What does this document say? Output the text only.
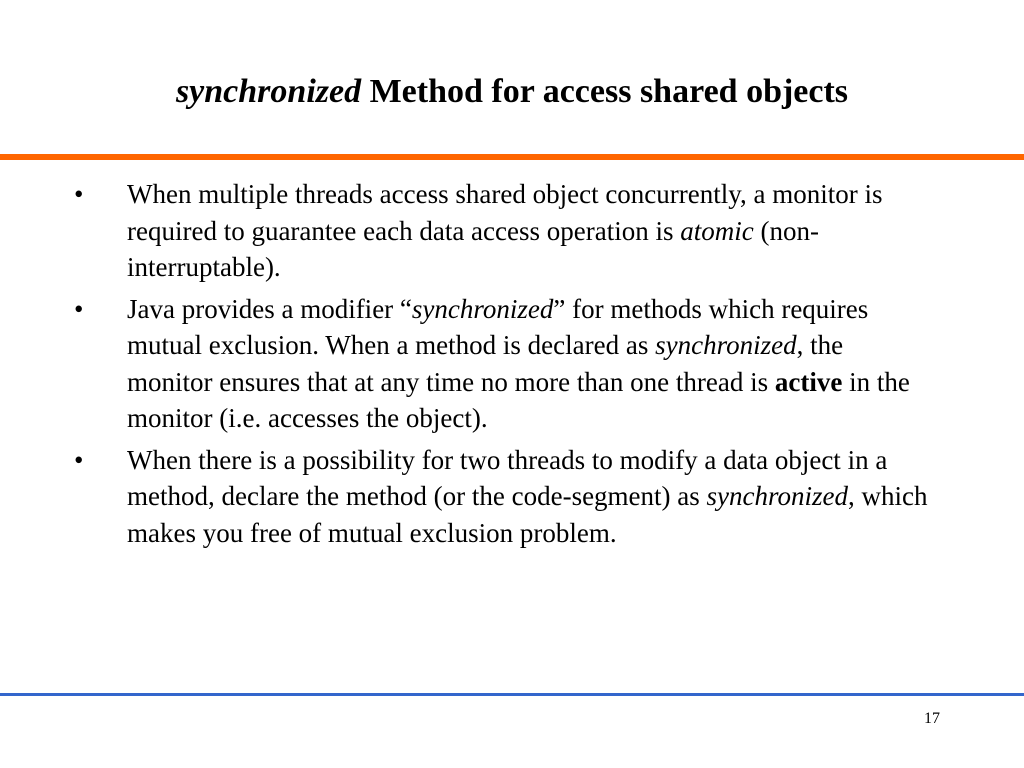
synchronized Method for access shared objects
• When multiple threads access shared object concurrently, a monitor is required to guarantee each data access operation is atomic (non-interruptable).
• Java provides a modifier “synchronized” for methods which requires mutual exclusion. When a method is declared as synchronized, the monitor ensures that at any time no more than one thread is active in the monitor (i.e. accesses the object).
• When there is a possibility for two threads to modify a data object in a method, declare the method (or the code-segment) as synchronized, which makes you free of mutual exclusion problem.
17
